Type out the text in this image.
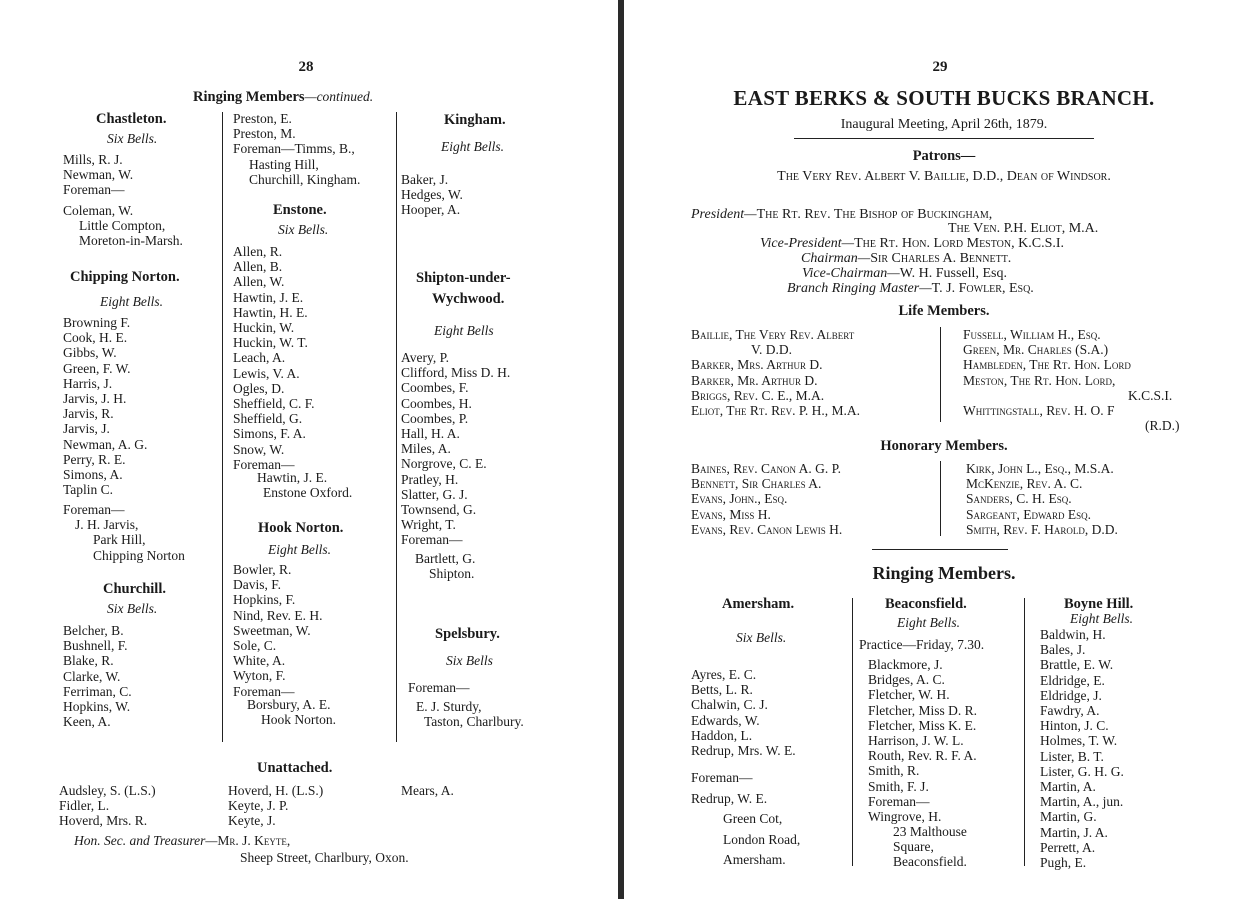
28
Ringing Members—continued.
Chastleton.
Six Bells.
Mills, R. J.
Newman, W.
Foreman—
Coleman, W.
Little Compton,
Moreton-in-Marsh.
Chipping Norton.
Eight Bells.
Browning F.
Cook, H. E.
Gibbs, W.
Green, F. W.
Harris, J.
Jarvis, J. H.
Jarvis, R.
Jarvis, J.
Newman, A. G.
Perry, R. E.
Simons, A.
Taplin C.
Foreman—
J. H. Jarvis,
Park Hill,
Chipping Norton
Churchill.
Six Bells.
Belcher, B.
Bushnell, F.
Blake, R.
Clarke, W.
Ferriman, C.
Hopkins, W.
Keen, A.
Preston, E.
Preston, M.
Foreman—Timms, B.,
Hasting Hill,
Churchill, Kingham.
Enstone.
Six Bells.
Allen, R.
Allen, B.
Allen, W.
Hawtin, J. E.
Hawtin, H. E.
Huckin, W.
Huckin, W. T.
Leach, A.
Lewis, V. A.
Ogles, D.
Sheffield, C. F.
Sheffield, G.
Simons, F. A.
Snow, W.
Foreman—
Hawtin, J. E.
Enstone Oxford.
Hook Norton.
Eight Bells.
Bowler, R.
Davis, F.
Hopkins, F.
Nind, Rev. E. H.
Sweetman, W.
Sole, C.
White, A.
Wyton, F.
Foreman—
Borsbury, A. E.
Hook Norton.
Kingham.
Eight Bells.
Baker, J.
Hedges, W.
Hooper, A.
Shipton-under-
Wychwood.
Eight Bells
Avery, P.
Clifford, Miss D. H.
Coombes, F.
Coombes, H.
Coombes, P.
Hall, H. A.
Miles, A.
Norgrove, C. E.
Pratley, H.
Slatter, G. J.
Townsend, G.
Wright, T.
Foreman—
Bartlett, G.
Shipton.
Spelsbury.
Six Bells
Foreman—
E. J. Sturdy,
Taston, Charlbury.
Unattached.
Audsley, S. (L.S.)
Fidler, L.
Hoverd, Mrs. R.
Hoverd, H. (L.S.)
Keyte, J. P.
Keyte, J.
Mears, A.
Hon. Sec. and Treasurer—Mr. J. Keyte,
Sheep Street, Charlbury, Oxon.
29
EAST BERKS & SOUTH BUCKS BRANCH.
Inaugural Meeting, April 26th, 1879.
Patrons—
The Very Rev. Albert V. Baillie, D.D., Dean of Windsor.
President—The Rt. Rev. The Bishop of Buckingham,
The Ven. P.H. Eliot, M.A.
Vice-President—The Rt. Hon. Lord Meston, K.C.S.I.
Chairman—Sir Charles A. Bennett.
Vice-Chairman—W. H. Fussell, Esq.
Branch Ringing Master—T. J. Fowler, Esq.
Life Members.
Baillie, The Very Rev. Albert
V. D.D.
Barker, Mrs. Arthur D.
Barker, Mr. Arthur D.
Briggs, Rev. C. E., M.A.
Eliot, The Rt. Rev. P. H., M.A.
Fussell, William H., Esq.
Green, Mr. Charles (S.A.)
Hambleden, The Rt. Hon. Lord
Meston, The Rt. Hon. Lord,
K.C.S.I.
Whittingstall, Rev. H. O. F
(R.D.)
Honorary Members.
Baines, Rev. Canon A. G. P.
Bennett, Sir Charles A.
Evans, John., Esq.
Evans, Miss H.
Evans, Rev. Canon Lewis H.
Kirk, John L., Esq., M.S.A.
McKenzie, Rev. A. C.
Sanders, C. H. Esq.
Sargeant, Edward Esq.
Smith, Rev. F. Harold, D.D.
Ringing Members.
Amersham.
Six Bells.
Ayres, E. C.
Betts, L. R.
Chalwin, C. J.
Edwards, W.
Haddon, L.
Redrup, Mrs. W. E.
Foreman—
Redrup, W. E.
Green Cot,
London Road,
Amersham.
Beaconsfield.
Eight Bells.
Practice—Friday, 7.30.
Blackmore, J.
Bridges, A. C.
Fletcher, W. H.
Fletcher, Miss D. R.
Fletcher, Miss K. E.
Harrison, J. W. L.
Routh, Rev. R. F. A.
Smith, R.
Smith, F. J.
Foreman—
Wingrove, H.
23 Malthouse
Square,
Beaconsfield.
Boyne Hill.
Eight Bells.
Baldwin, H.
Bales, J.
Brattle, E. W.
Eldridge, E.
Eldridge, J.
Fawdry, A.
Hinton, J. C.
Holmes, T. W.
Lister, B. T.
Lister, G. H. G.
Martin, A.
Martin, A., jun.
Martin, G.
Martin, J. A.
Perrett, A.
Pugh, E.
